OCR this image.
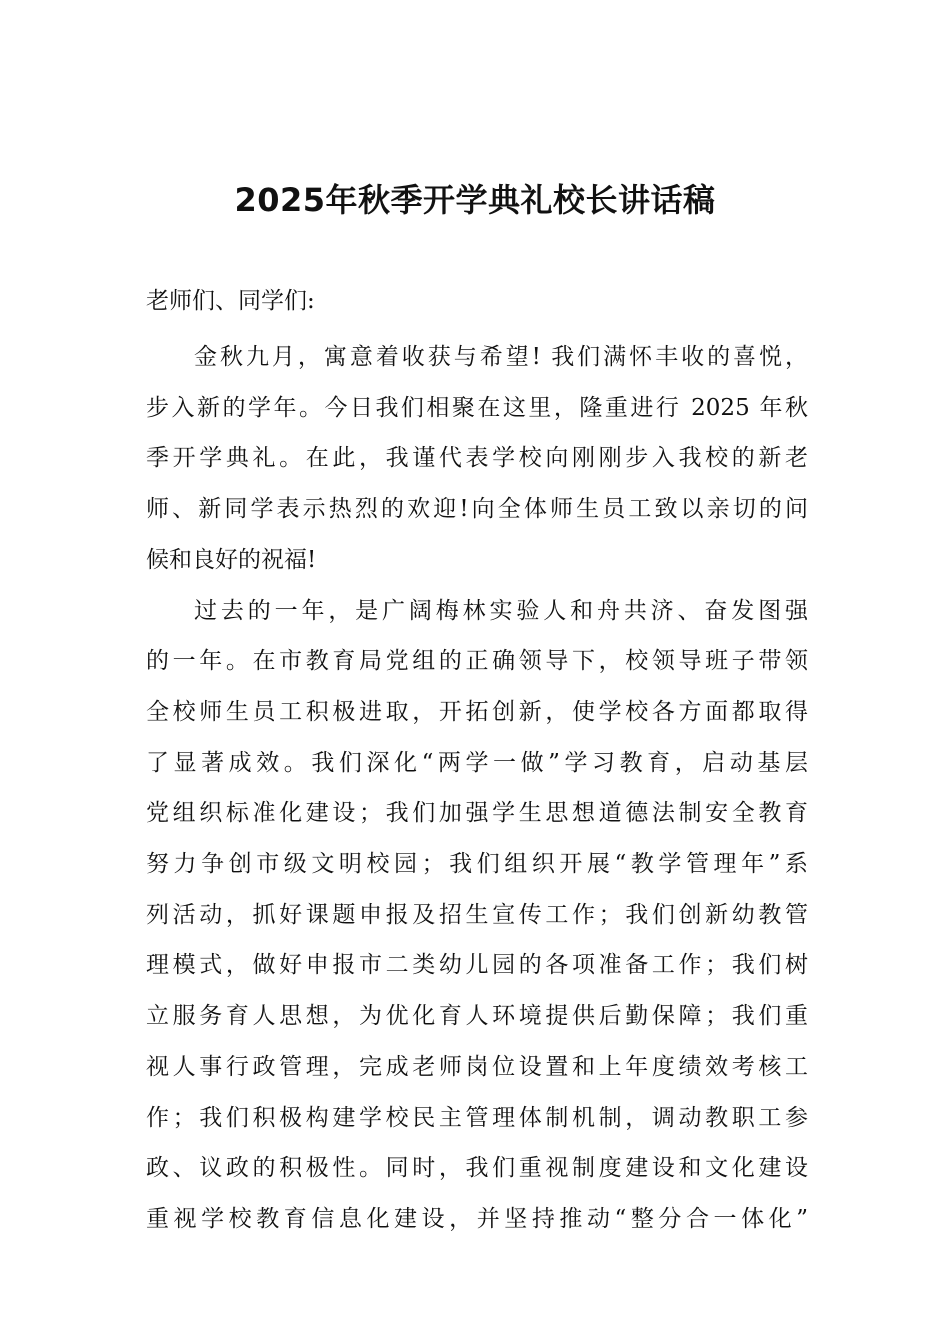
2025年秋季开学典礼校长讲话稿

老师们、同学们:

金秋九月，寓意着收获与希望! 我们满怀丰收的喜悦，
步入新的学年。今日我们相聚在这里，隆重进行 2025 年秋
季开学典礼。在此，我谨代表学校向刚刚步入我校的新老
师、新同学表示热烈的欢迎!向全体师生员工致以亲切的问
候和良好的祝福!

过去的一年，是广阔梅林实验人和舟共济、奋发图强
的一年。在市教育局党组的正确领导下，校领导班子带领
全校师生员工积极进取，开拓创新，使学校各方面都取得
了显著成效。我们深化“两学一做”学习教育，启动基层
党组织标准化建设；我们加强学生思想道德法制安全教育
努力争创市级文明校园；我们组织开展“教学管理年”系
列活动，抓好课题申报及招生宣传工作；我们创新幼教管
理模式，做好申报市二类幼儿园的各项准备工作；我们树
立服务育人思想，为优化育人环境提供后勤保障；我们重
视人事行政管理，完成老师岗位设置和上年度绩效考核工
作；我们积极构建学校民主管理体制机制，调动教职工参
政、议政的积极性。同时，我们重视制度建设和文化建设
重视学校教育信息化建设，并坚持推动“整分合一体化”
